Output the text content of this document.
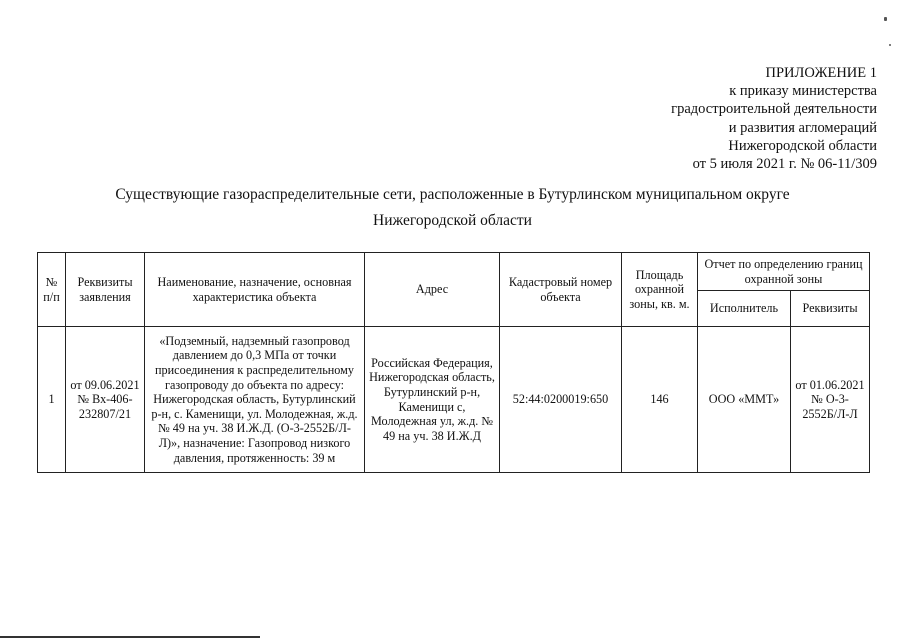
ПРИЛОЖЕНИЕ 1
к приказу министерства
градостроительной деятельности
и развития агломераций
Нижегородской области
от 5 июля 2021 г. № 06-11/309
Существующие газораспределительные сети, расположенные в Бутурлинском муниципальном округе
Нижегородской области
№ п/п	Реквизиты заявления	Наименование, назначение, основная характеристика объекта	Адрес	Кадастровый номер объекта	Площадь охранной зоны, кв. м.	Отчет по определению границ охранной зоны	
						Исполнитель	Реквизиты
1	от 09.06.2021 № Вх-406-232807/21	«Подземный, надземный газопровод давлением до 0,3 МПа от точки присоединения к распределительному газопроводу до объекта по адресу: Нижегородская область, Бутурлинский р-н, с. Каменищи, ул. Молодежная, ж.д. № 49 на уч. 38 И.Ж.Д. (О-3-2552Б/Л-Л)», назначение: Газопровод низкого давления, протяженность: 39 м	Российская Федерация, Нижегородская область, Бутурлинский р-н, Каменищи с, Молодежная ул, ж.д. № 49 на уч. 38 И.Ж.Д	52:44:0200019:650	146	ООО «ММТ»	от 01.06.2021 № О-3-2552Б/Л-Л
